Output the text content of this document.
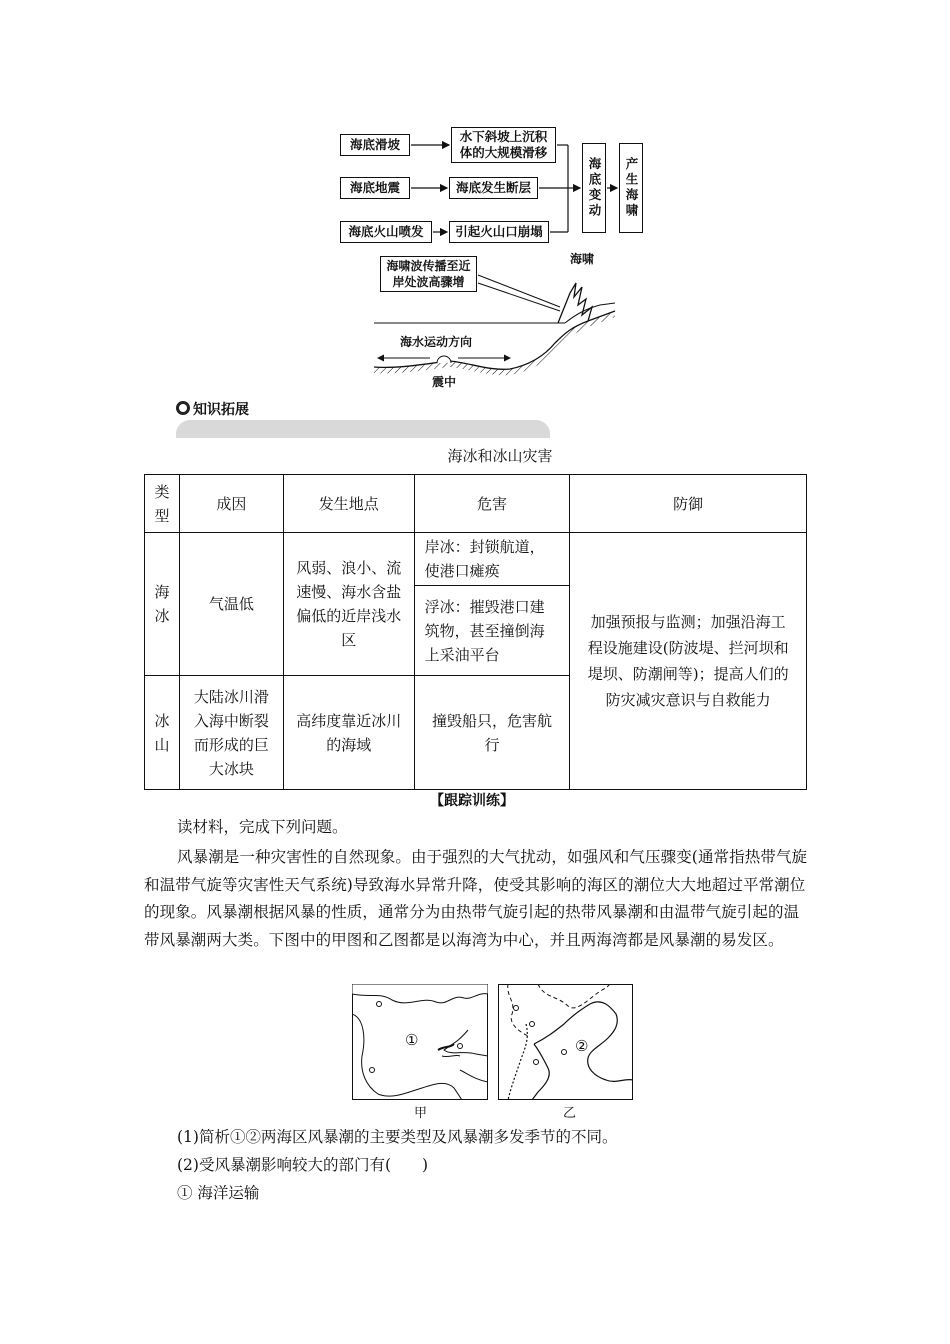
海底滑坡
海底地震
海底火山喷发
水下斜坡上沉积体的大规模滑移
海底发生断层
引起火山口崩塌
海底变动	产生海啸
海啸波传播至近岸处波高骤增
海啸
海水运动方向
震中
知识拓展
海冰和冰山灾害
类型	成因	发生地点	危害	防御
海冰	气温低	风弱、浪小、流速慢、海水含盐偏低的近岸浅水区	岸冰：封锁航道，使港口瘫痪	加强预报与监测；加强沿海工程设施建设(防波堤、拦河坝和堤坝、防潮闸等)；提高人们的防灾减灾意识与自救能力
			浮冰：摧毁港口建筑物，甚至撞倒海上采油平台	
冰山	大陆冰川滑入海中断裂而形成的巨大冰块	高纬度靠近冰川的海域	撞毁船只，危害航行	
【跟踪训练】
读材料，完成下列问题。
风暴潮是一种灾害性的自然现象。由于强烈的大气扰动，如强风和气压骤变(通常指热带气旋和温带气旋等灾害性天气系统)导致海水异常升降，使受其影响的海区的潮位大大地超过平常潮位的现象。风暴潮根据风暴的性质，通常分为由热带气旋引起的热带风暴潮和由温带气旋引起的温带风暴潮两大类。下图中的甲图和乙图都是以海湾为中心，并且两海湾都是风暴潮的易发区。
①
甲
②
乙
(1)简析①②两海区风暴潮的主要类型及风暴潮多发季节的不同。
(2)受风暴潮影响较大的部门有(　　)
① 海洋运输
